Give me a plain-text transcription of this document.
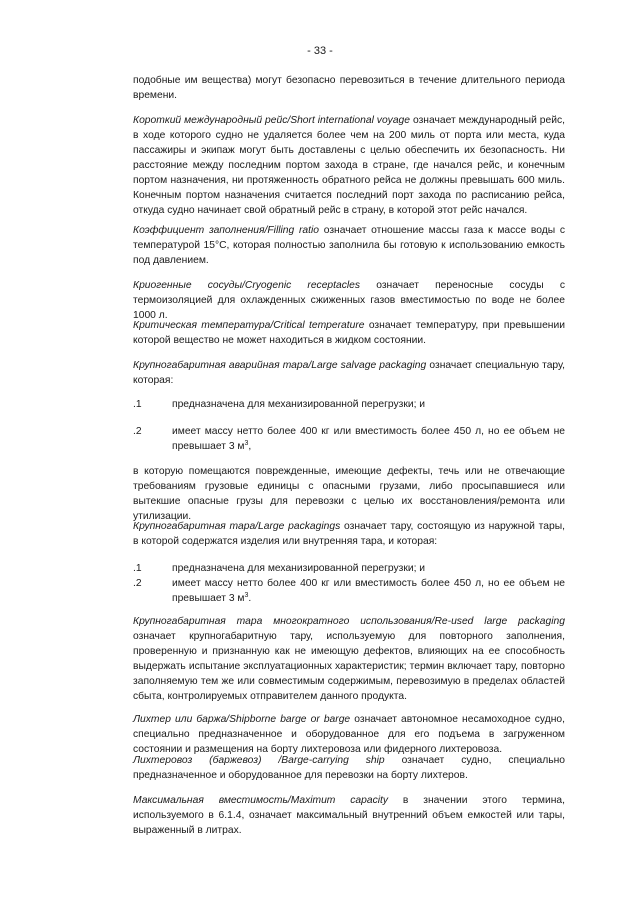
- 33 -

подобные им вещества) могут безопасно перевозиться в течение длительного периода времени.

Короткий международный рейс/Short international voyage означает международный рейс, в ходе которого судно не удаляется более чем на 200 миль от порта или места, куда пассажиры и экипаж могут быть доставлены с целью обеспечить их безопасность. Ни расстояние между последним портом захода в стране, где начался рейс, и конечным портом назначения, ни протяженность обратного рейса не должны превышать 600 миль. Конечным портом назначения считается последний порт захода по расписанию рейса, откуда судно начинает свой обратный рейс в страну, в которой этот рейс начался.

Коэффициент заполнения/Filling ratio означает отношение массы газа к массе воды с температурой 15°C, которая полностью заполнила бы готовую к использованию емкость под давлением.

Криогенные сосуды/Cryogenic receptacles означает переносные сосуды с термоизоляцией для охлажденных сжиженных газов вместимостью по воде не более 1000 л.

Критическая температура/Critical temperature означает температуру, при превышении которой вещество не может находиться в жидком состоянии.

Крупногабаритная аварийная тара/Large salvage packaging означает специальную тару, которая:

.1	предназначена для механизированной перегрузки; и
.2	имеет массу нетто более 400 кг или вместимость более 450 л, но ее объем не превышает 3 $м^3$,

в которую помещаются поврежденные, имеющие дефекты, течь или не отвечающие требованиям грузовые единицы с опасными грузами, либо просыпавшиеся или вытекшие опасные грузы для перевозки с целью их восстановления/ремонта или утилизации.

Крупногабаритная тара/Large packagings означает тару, состоящую из наружной тары, в которой содержатся изделия или внутренняя тара, и которая:

.1	предназначена для механизированной перегрузки; и
.2	имеет массу нетто более 400 кг или вместимость более 450 л, но ее объем не превышает 3 $м^3$.

Крупногабаритная тара многократного использования/Re-used large packaging означает крупногабаритную тару, используемую для повторного заполнения, проверенную и признанную как не имеющую дефектов, влияющих на ее способность выдержать испытание эксплуатационных характеристик; термин включает тару, повторно заполняемую тем же или совместимым содержимым, перевозимую в пределах областей сбыта, контролируемых отправителем данного продукта.

Лихтер или баржа/Shipborne barge or barge означает автономное несамоходное судно, специально предназначенное и оборудованное для его подъема в загруженном состоянии и размещения на борту лихтеровоза или фидерного лихтеровоза.

Лихтеровоз (баржевоз) /Barge-carrying ship означает судно, специально предназначенное и оборудованное для перевозки на борту лихтеров.

Максимальная вместимость/Maximum capacity в значении этого термина, используемого в 6.1.4, означает максимальный внутренний объем емкостей или тары, выраженный в литрах.
